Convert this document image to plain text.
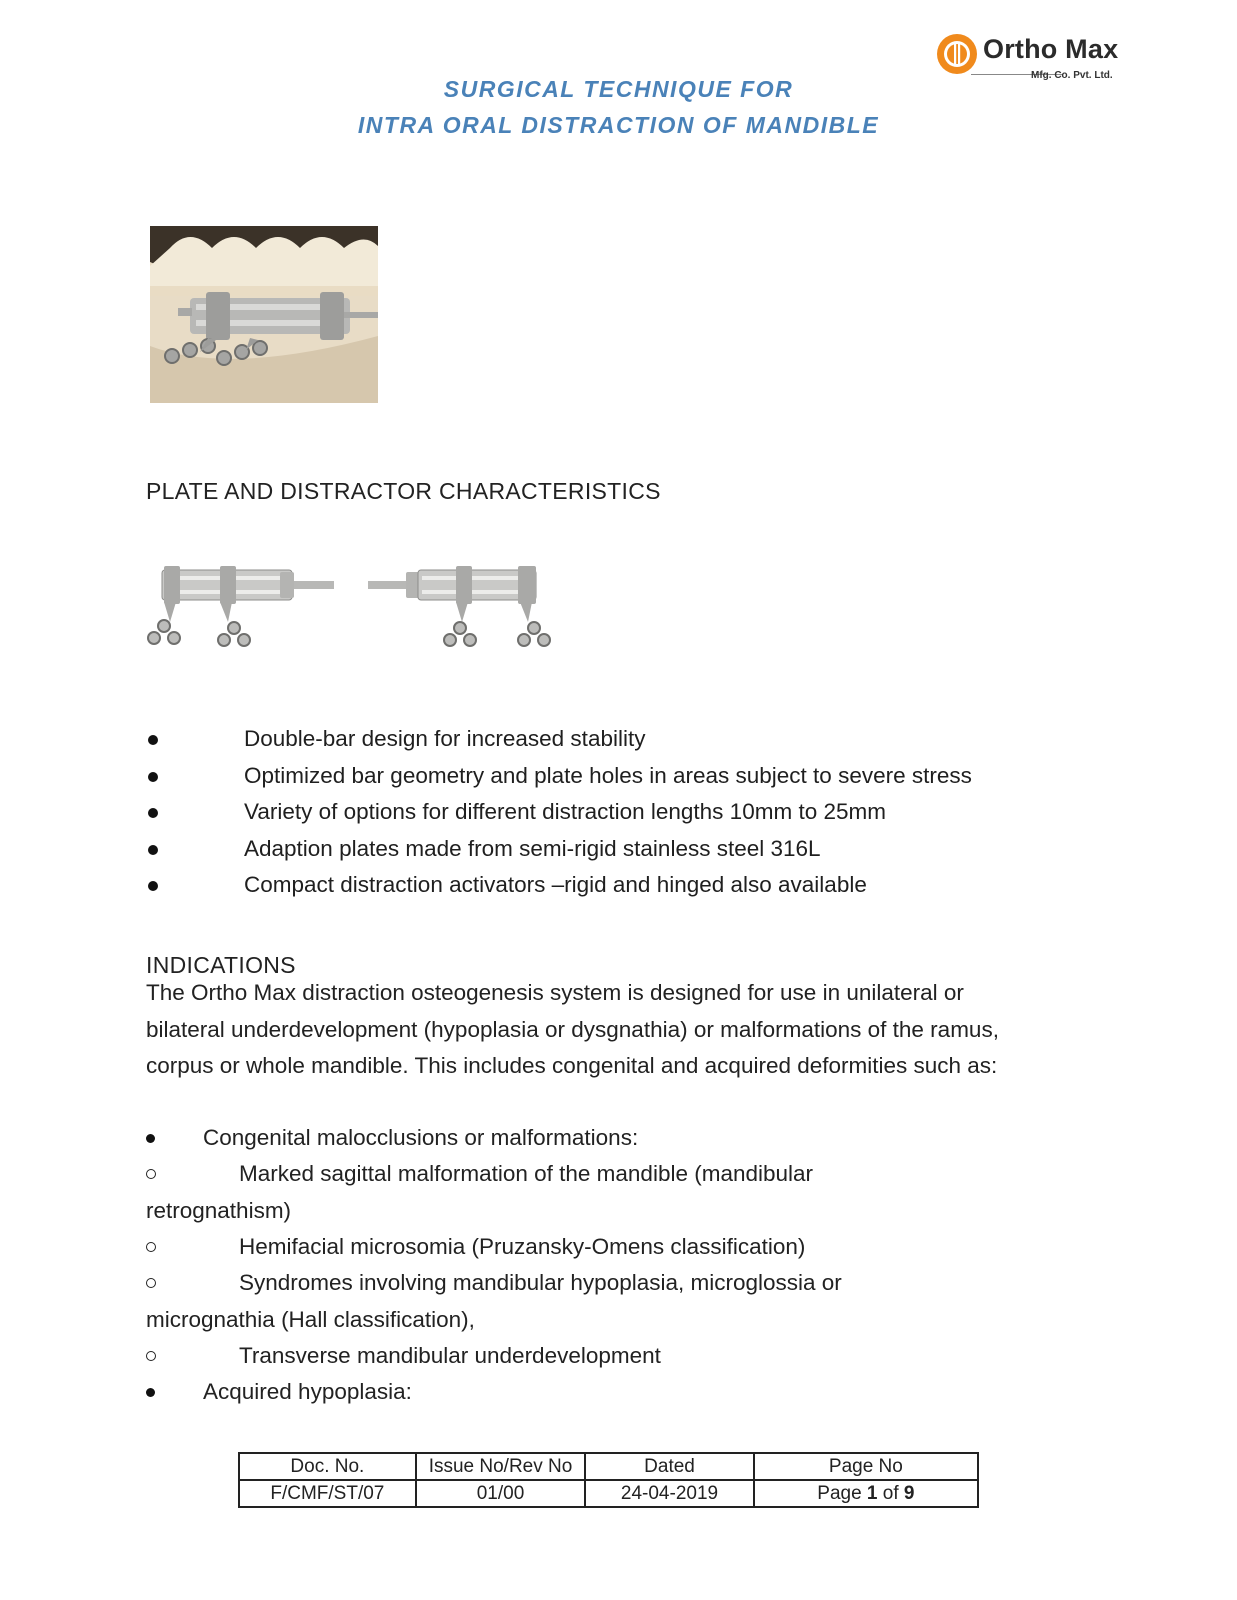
Ortho Max
Mfg. Co. Pvt. Ltd.
SURGICAL TECHNIQUE FOR
INTRA ORAL DISTRACTION OF MANDIBLE
PLATE AND DISTRACTOR CHARACTERISTICS
Double-bar design for increased stability
Optimized bar geometry and plate holes in areas subject to severe stress
Variety of options for different distraction lengths 10mm to 25mm
Adaption plates made from semi-rigid stainless steel 316L
Compact distraction activators –rigid and hinged also available
INDICATIONS

The Ortho Max distraction osteogenesis system is designed for use in unilateral or bilateral underdevelopment (hypoplasia or dysgnathia) or malformations of the ramus, corpus or whole mandible. This includes congenital and acquired deformities such as:

Congenital malocclusions or malformations:
Marked sagittal malformation of the mandible (mandibular
retrognathism)
Hemifacial microsomia (Pruzansky-Omens classification)
Syndromes involving mandibular hypoplasia, microglossia or
micrognathia (Hall classification),
Transverse mandibular underdevelopment
Acquired hypoplasia:
Doc. No.	Issue No/Rev No	Dated	Page No
F/CMF/ST/07	01/00	24-04-2019	Page 1 of 9
